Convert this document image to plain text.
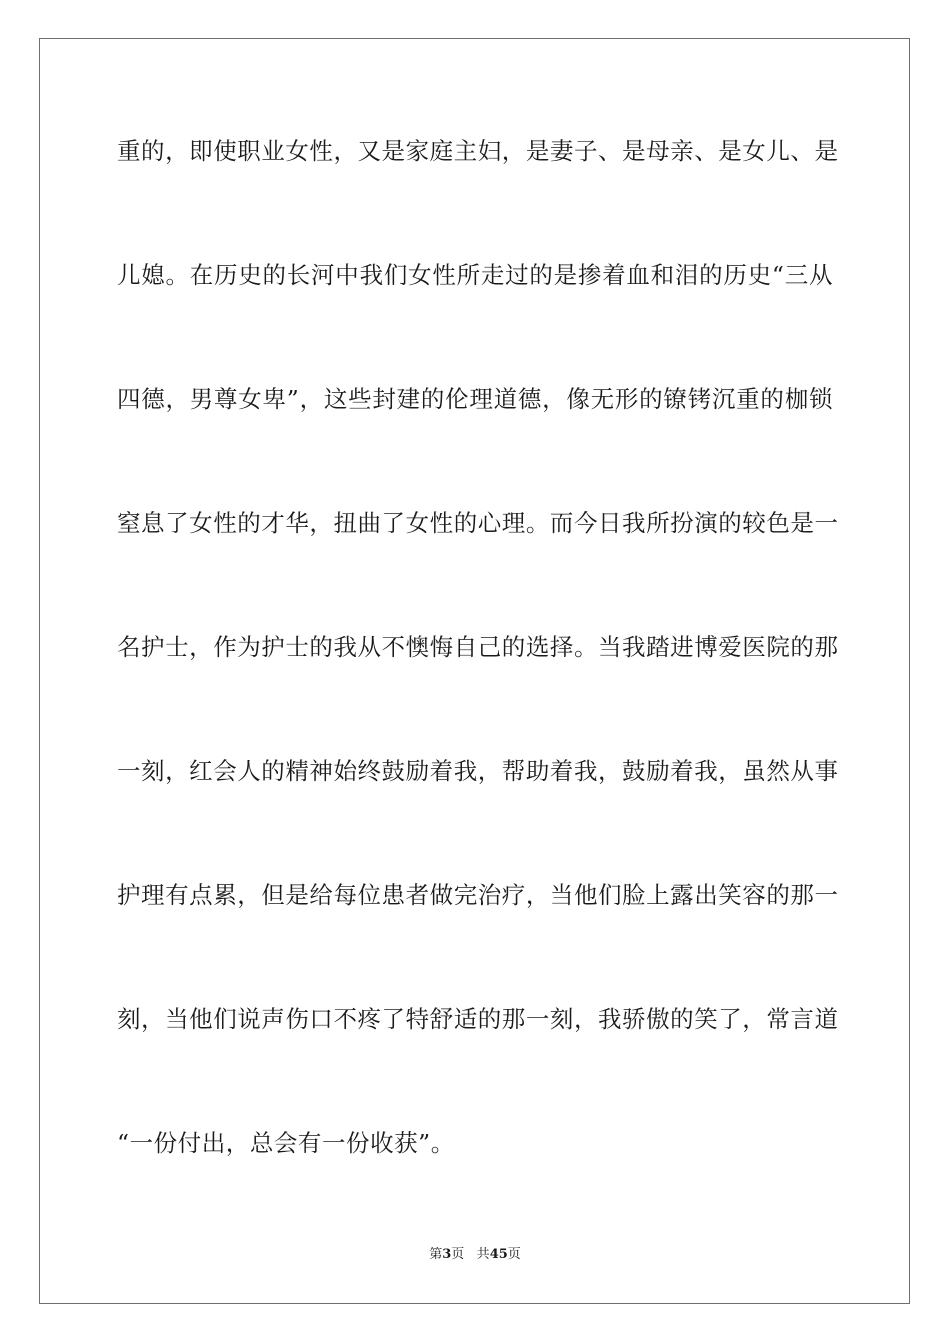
重的，即使职业女性，又是家庭主妇，是妻子、是母亲、是女儿、是
儿媳。在历史的长河中我们女性所走过的是掺着血和泪的历史“三从
四德，男尊女卑”，这些封建的伦理道德，像无形的镣铐沉重的枷锁
窒息了女性的才华，扭曲了女性的心理。而今日我所扮演的较色是一
名护士，作为护士的我从不懊悔自己的选择。当我踏进博爱医院的那
一刻，红会人的精神始终鼓励着我，帮助着我，鼓励着我，虽然从事
护理有点累，但是给每位患者做完治疗，当他们脸上露出笑容的那一
刻，当他们说声伤口不疼了特舒适的那一刻，我骄傲的笑了，常言道
“一份付出，总会有一份收获”。
第3页 共45页
